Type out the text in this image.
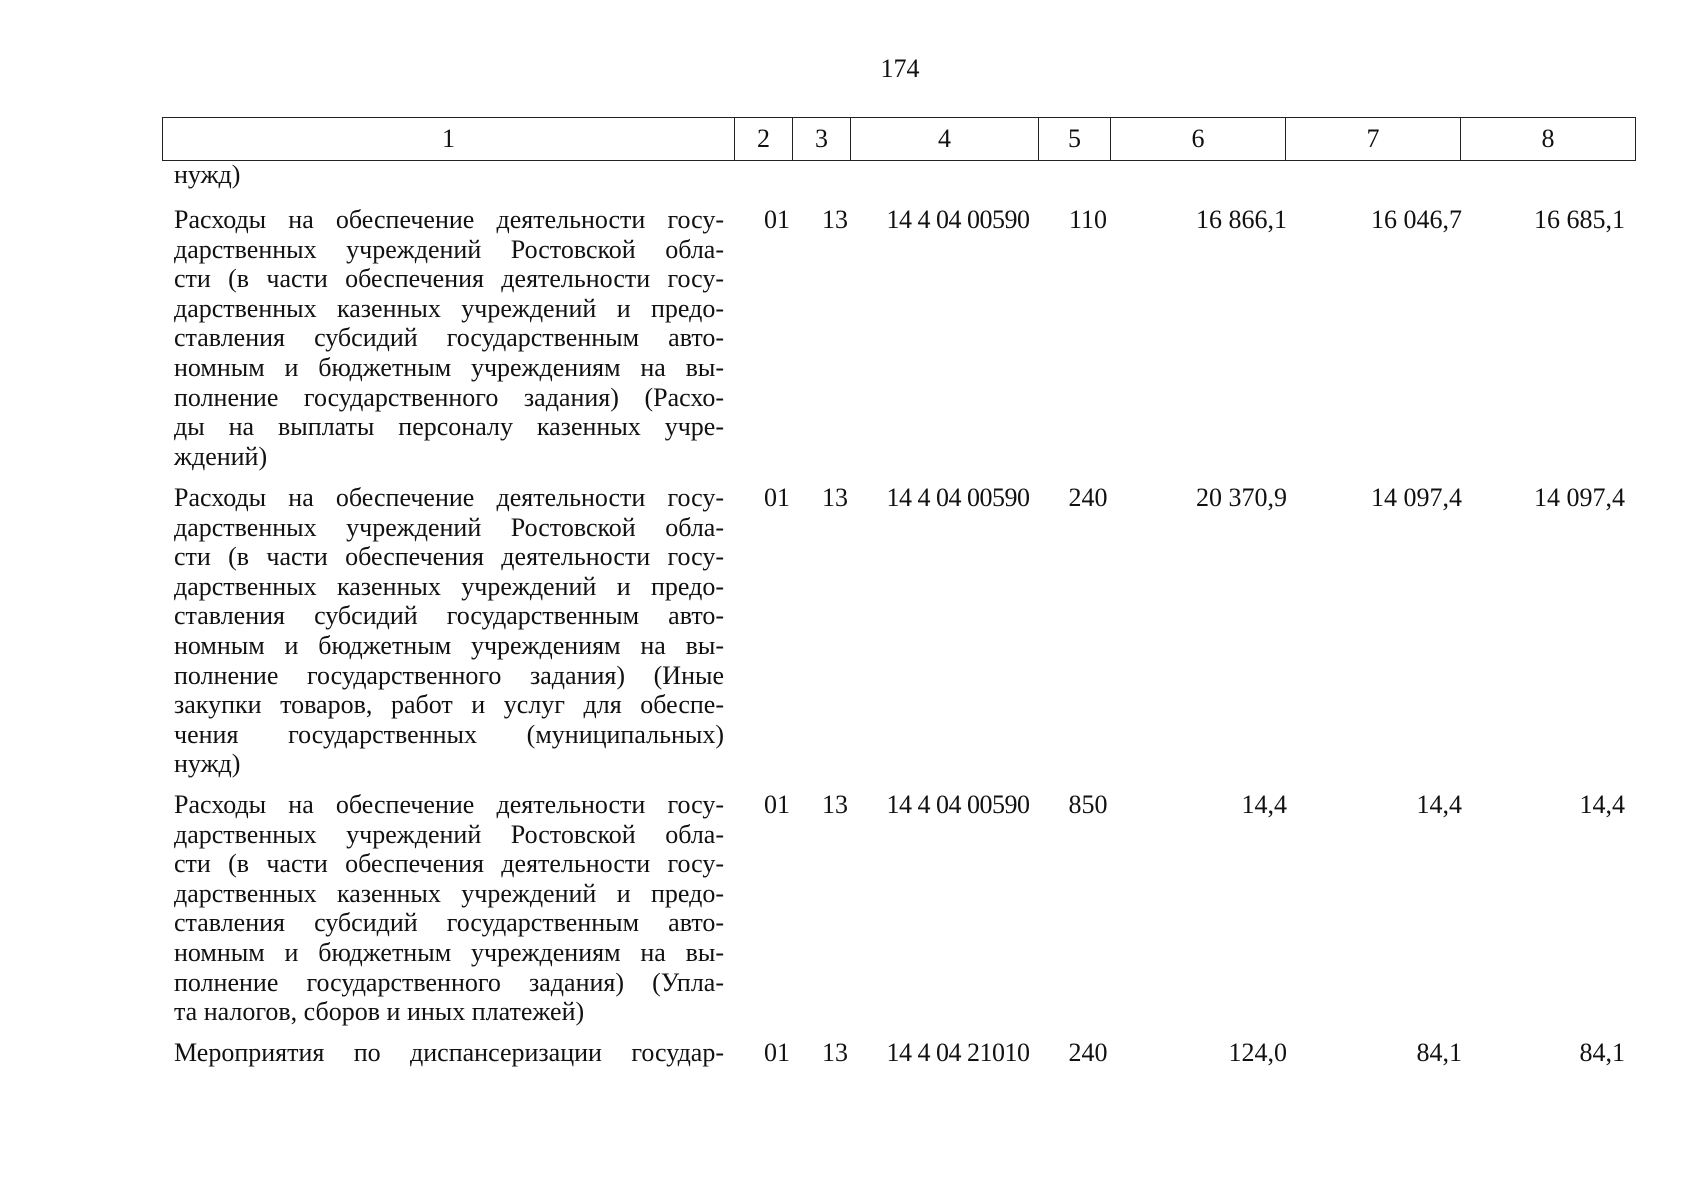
174
1	2	3	4	5	6	7	8
нужд)
Расходы на обеспечение деятельности госу-
дарственных учреждений Ростовской обла-
сти (в части обеспечения деятельности госу-
дарственных казенных учреждений и предо-
ставления субсидий государственным авто-
номным и бюджетным учреждениям на вы-
полнение государственного задания) (Расхо-
ды на выплаты персоналу казенных учре-
ждений)
01	13	14 4 04 00590	110	16 866,1	16 046,7	16 685,1
Расходы на обеспечение деятельности госу-
дарственных учреждений Ростовской обла-
сти (в части обеспечения деятельности госу-
дарственных казенных учреждений и предо-
ставления субсидий государственным авто-
номным и бюджетным учреждениям на вы-
полнение государственного задания) (Иные
закупки товаров, работ и услуг для обеспе-
чения государственных (муниципальных)
нужд)
01	13	14 4 04 00590	240	20 370,9	14 097,4	14 097,4
Расходы на обеспечение деятельности госу-
дарственных учреждений Ростовской обла-
сти (в части обеспечения деятельности госу-
дарственных казенных учреждений и предо-
ставления субсидий государственным авто-
номным и бюджетным учреждениям на вы-
полнение государственного задания) (Упла-
та налогов, сборов и иных платежей)
01	13	14 4 04 00590	850	14,4	14,4	14,4
Мероприятия по диспансеризации государ-	01	13	14 4 04 21010	240	124,0	84,1	84,1
